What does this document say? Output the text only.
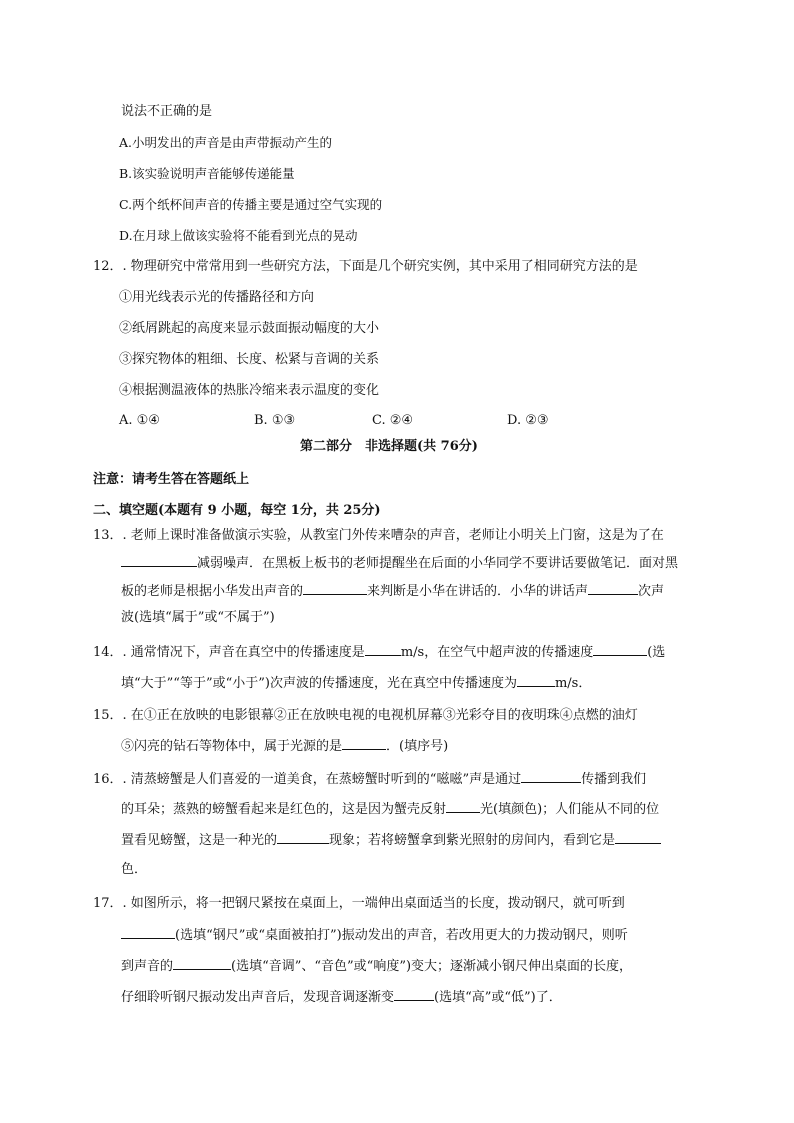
说法不正确的是
A.小明发出的声音是由声带振动产生的
B.该实验说明声音能够传递能量
C.两个纸杯间声音的传播主要是通过空气实现的
D.在月球上做该实验将不能看到光点的晃动
12．. 物理研究中常常用到一些研究方法，下面是几个研究实例，其中采用了相同研究方法的是
①用光线表示光的传播路径和方向
②纸屑跳起的高度来显示鼓面振动幅度的大小
③探究物体的粗细、长度、松紧与音调的关系
④根据测温液体的热胀冷缩来表示温度的变化
A. ①④	B. ①③	C. ②④	D. ②③
第二部分　非选择题(共 76分)
注意：请考生答在答题纸上
二、填空题(本题有 9 小题，每空 1分，共 25分)
13．. 老师上课时准备做演示实验，从教室门外传来嘈杂的声音，老师让小明关上门窗，这是为了在
减弱噪声．在黑板上板书的老师提醒坐在后面的小华同学不要讲话要做笔记．面对黑
板的老师是根据小华发出声音的	来判断是小华在讲话的．小华的讲话声	次声
波(选填“属于”或“不属于”)
14．. 通常情况下，声音在真空中的传播速度是	m/s，在空气中超声波的传播速度	(选
填“大于”“等于”或“小于”)次声波的传播速度，光在真空中传播速度为	m/s．
15．. 在①正在放映的电影银幕②正在放映电视的电视机屏幕③光彩夺目的夜明珠④点燃的油灯
⑤闪亮的钻石等物体中，属于光源的是	．(填序号)
16．. 清蒸螃蟹是人们喜爱的一道美食，在蒸螃蟹时听到的“嗞嗞”声是通过	传播到我们
的耳朵；蒸熟的螃蟹看起来是红色的，这是因为蟹壳反射	光(填颜色)；人们能从不同的位
置看见螃蟹，这是一种光的	现象；若将螃蟹拿到紫光照射的房间内，看到它是
色．
17．. 如图所示，将一把钢尺紧按在桌面上，一端伸出桌面适当的长度，拨动钢尺，就可听到
(选填“钢尺”或“桌面被拍打”)振动发出的声音，若改用更大的力拨动钢尺，则听
到声音的	(选填“音调”、“音色”或“响度”)变大；逐渐减小钢尺伸出桌面的长度，
仔细聆听钢尺振动发出声音后，发现音调逐渐变	(选填“高”或“低”)了．
